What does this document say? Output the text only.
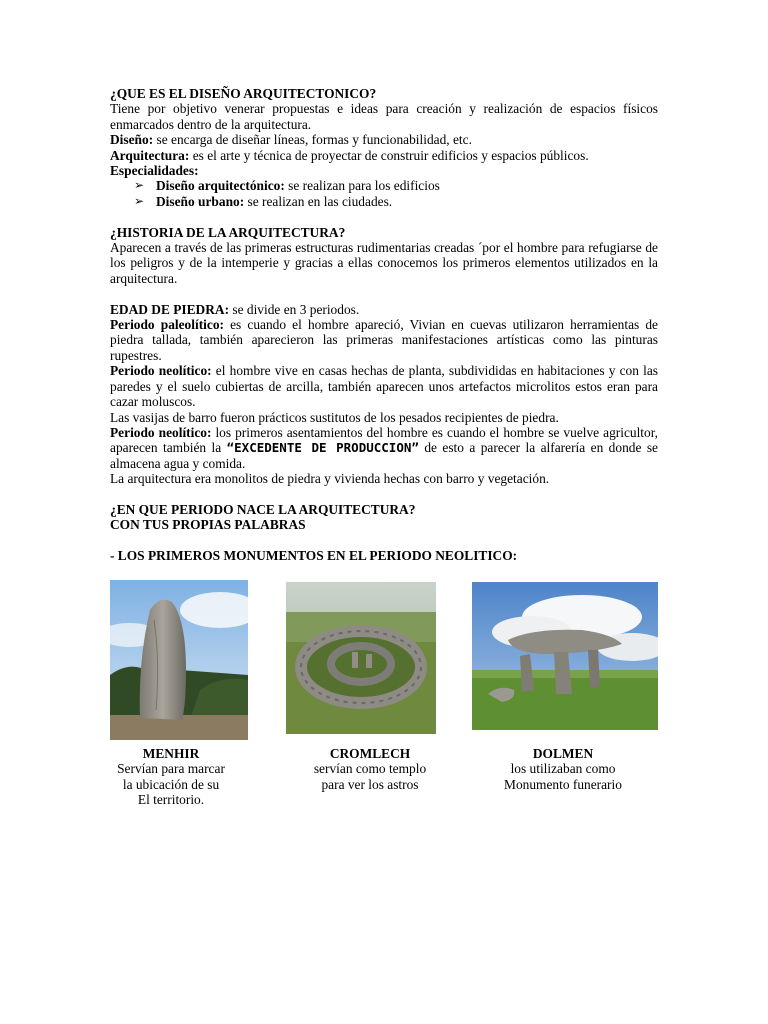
¿QUE ES EL DISEÑO ARQUITECTONICO?

Tiene por objetivo venerar propuestas e ideas para creación y realización de espacios físicos enmarcados dentro de la arquitectura.

Diseño: se encarga de diseñar líneas, formas y funcionabilidad, etc.

Arquitectura: es el arte y técnica de proyectar de construir edificios y espacios públicos.

Especialidades:

➢ Diseño arquitectónico: se realizan para los edificios
➢ Diseño urbano: se realizan en las ciudades.

¿HISTORIA DE LA ARQUITECTURA?

Aparecen a través de las primeras estructuras rudimentarias creadas ´por el hombre para refugiarse de los peligros y de la intemperie y gracias a ellas conocemos los primeros elementos utilizados en la arquitectura.

EDAD DE PIEDRA: se divide en 3 periodos.

Periodo paleolítico: es cuando el hombre apareció, Vivian en cuevas utilizaron herramientas de piedra tallada, también aparecieron las primeras manifestaciones artísticas como las pinturas rupestres.

Periodo neolítico: el hombre vive en casas hechas de planta, subdivididas en habitaciones y con las paredes y el suelo cubiertas de arcilla, también aparecen unos artefactos microlitos estos eran para cazar moluscos.

Las vasijas de barro fueron prácticos sustitutos de los pesados recipientes de piedra.

Periodo neolítico: los primeros asentamientos del hombre es cuando el hombre se vuelve agricultor, aparecen también la “EXCEDENTE DE PRODUCCION” de esto a parecer la alfarería en donde se almacena agua y comida.

La arquitectura era monolitos de piedra y vivienda hechas con barro y vegetación.

¿EN QUE PERIODO NACE LA ARQUITECTURA?

CON TUS PROPIAS PALABRAS

- LOS PRIMEROS MONUMENTOS EN EL PERIODO NEOLITICO:

MENHIR
Servían para marcar
la ubicación de su
El territorio.
CROMLECH
servían como templo
para ver los astros
DOLMEN
los utilizaban como
Monumento funerario
